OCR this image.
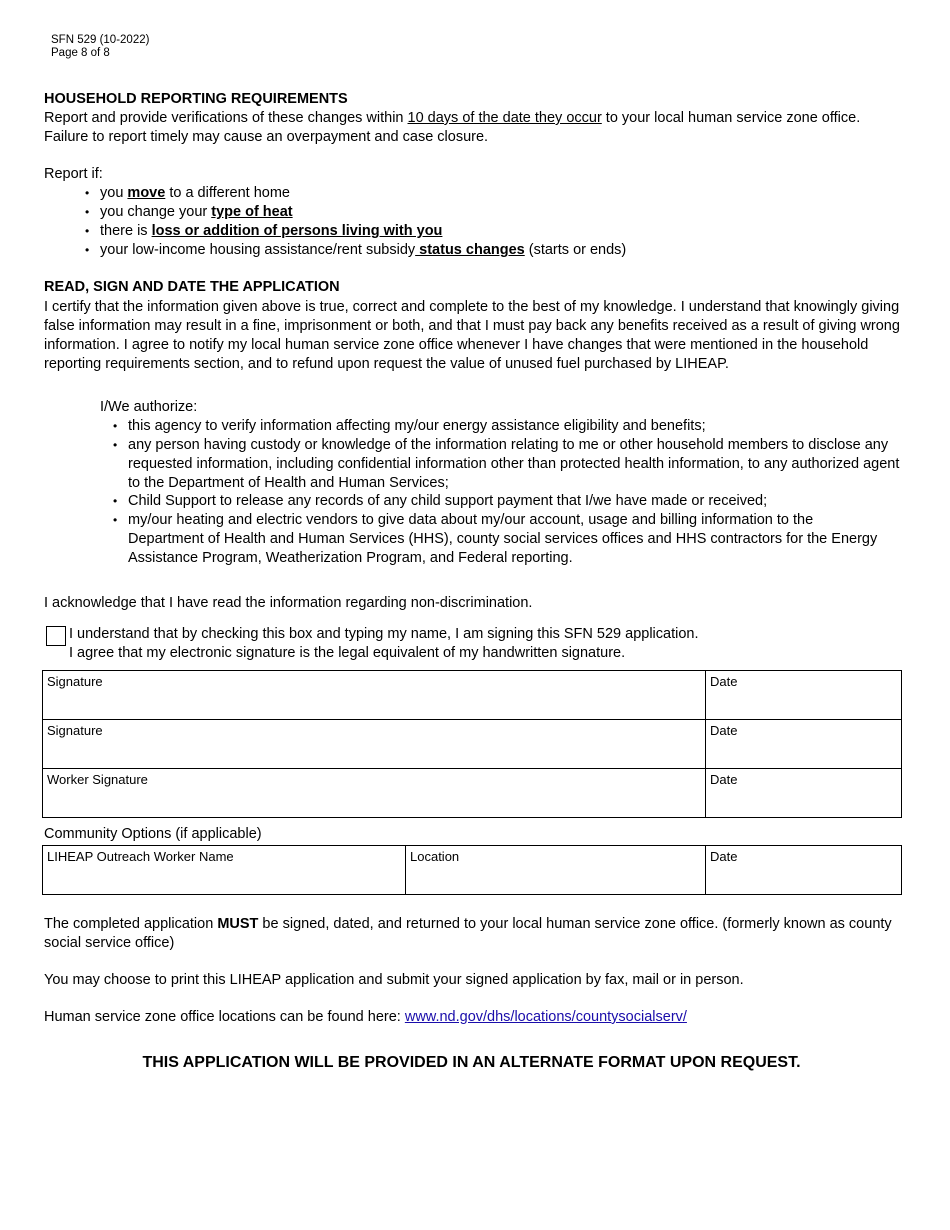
SFN 529 (10-2022)
Page 8 of 8
HOUSEHOLD REPORTING REQUIREMENTS
Report and provide verifications of these changes within 10 days of the date they occur to your local human service zone office. Failure to report timely may cause an overpayment and case closure.
Report if:
• you move to a different home
• you change your type of heat
• there is loss or addition of persons living with you
• your low-income housing assistance/rent subsidy status changes (starts or ends)
READ, SIGN AND DATE THE APPLICATION
I certify that the information given above is true, correct and complete to the best of my knowledge. I understand that knowingly giving false information may result in a fine, imprisonment or both, and that I must pay back any benefits received as a result of giving wrong information. I agree to notify my local human service zone office whenever I have changes that were mentioned in the household reporting requirements section, and to refund upon request the value of unused fuel purchased by LIHEAP.
I/We authorize:
• this agency to verify information affecting my/our energy assistance eligibility and benefits;
• any person having custody or knowledge of the information relating to me or other household members to disclose any requested information, including confidential information other than protected health information, to any authorized agent to the Department of Health and Human Services;
• Child Support to release any records of any child support payment that I/we have made or received;
• my/our heating and electric vendors to give data about my/our account, usage and billing information to the Department of Health and Human Services (HHS), county social services offices and HHS contractors for the Energy Assistance Program, Weatherization Program, and Federal reporting.
I acknowledge that I have read the information regarding non-discrimination.
I understand that by checking this box and typing my name, I am signing this SFN 529 application.
I agree that my electronic signature is the legal equivalent of my handwritten signature.
Signature	Date
Signature	Date
Worker Signature	Date
Community Options (if applicable)
LIHEAP Outreach Worker Name	Location	Date
The completed application MUST be signed, dated, and returned to your local human service zone office. (formerly known as county social service office)
You may choose to print this LIHEAP application and submit your signed application by fax, mail or in person.
Human service zone office locations can be found here: www.nd.gov/dhs/locations/countysocialserv/
THIS APPLICATION WILL BE PROVIDED IN AN ALTERNATE FORMAT UPON REQUEST.
